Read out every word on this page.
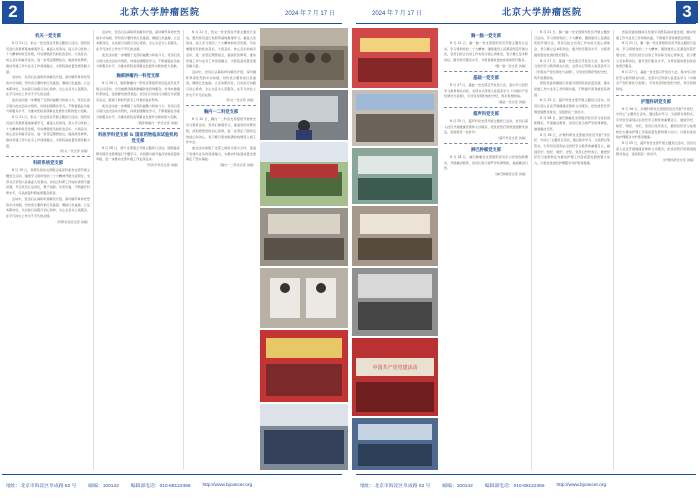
2	北京大学肿瘤医院	2024 年 7 月 17 日	2024 年 7 月 17 日	北京大学肿瘤医院	3
机关一党支部

6 月 21 日，机关一党支部在开展主题党日活动，组织党员赴红色教育基地参观学习，重温入党誓词，深入学习党的二十大精神和党章党规，切实增强党员的政治意识、大局意识、核心意识和看齐意识，进一步坚定理想信念，提高党性修养，推动党建工作与业务工作深度融合，为医院高质量发展贡献力量。

活动中，党员们认真聆听讲解员介绍，深切缅怀革命先烈的丰功伟绩，纷纷表示要传承红色基因，赓续红色血脉，立足本职岗位，以实际行动践行初心使命，全心全意为人民服务，在平凡岗位上作出不平凡的业绩。

此次活动进一步增强了支部的凝聚力和战斗力，党员们表示将以此次活动为契机，持续加强理论学习，不断提高业务能力和服务水平，为推动医院各项事业发展作出新的更大贡献。

6 月 21 日，机关一党支部在开展主题党日活动，组织党员赴红色教育基地参观学习，重温入党誓词，深入学习党的二十大精神和党章党规，切实增强党员的政治意识、大局意识、核心意识和看齐意识，进一步坚定理想信念，提高党性修养，推动党建工作与业务工作深度融合，为医院高质量发展贡献力量。

（机关一党支部 供稿）
科研系统党支部

6 月 19 日，科研系统党支部联合临床科室党支部开展主题党日活动，围绕学习贯彻党的二十大精神开展交流研讨，支部书记带领大家重温入党誓词，并结合科研工作实际讲授专题党课，号召党员立足岗位，勇于创新，攻坚克难，不断提升科研水平，以高质量科研成果服务患者。

活动中，党员们认真聆听讲解员介绍，深切缅怀革命先烈的丰功伟绩，纷纷表示要传承红色基因，赓续红色血脉，立足本职岗位，以实际行动践行初心使命，全心全意为人民服务，在平凡岗位上作出不平凡的业绩。

（科研系统党支部 供稿）

活动中，党员们认真聆听讲解员介绍，深切缅怀革命先烈的丰功伟绩，纷纷表示要传承红色基因，赓续红色血脉，立足本职岗位，以实际行动践行初心使命，全心全意为人民服务，在平凡岗位上作出不平凡的业绩。

此次活动进一步增强了支部的凝聚力和战斗力，党员们表示将以此次活动为契机，持续加强理论学习，不断提高业务能力和服务水平，为推动医院各项事业发展作出新的更大贡献。

胸部肿瘤内一科党支部

6 月 26 日，胸部肿瘤内一科党支部组织党员赴延庆区开展义诊活动，为当地群众提供肿瘤防治咨询服务，并举办健康科普讲座，受到群众热烈欢迎。党员们以实际行动践行为民服务宗旨，展现了新时代医务工作者的良好形象。

此次活动进一步增强了支部的凝聚力和战斗力，党员们表示将以此次活动为契机，持续加强理论学习，不断提高业务能力和服务水平，为推动医院各项事业发展作出新的更大贡献。

（胸部肿瘤内一科党支部 供稿）
科医学科党支部 & 国家药物临床试验机构党支部

6 月 28 日，两个支部联合开展主题党日活动，围绕临床研究规范化管理进行专题学习，共同探讨提升临床试验质量的举措，进一步推动支部共建工作走深走实。

（科医学科党支部 供稿）

6 月 21 日，机关一党支部在开展主题党日活动，组织党员赴红色教育基地参观学习，重温入党誓词，深入学习党的二十大精神和党章党规，切实增强党员的政治意识、大局意识、核心意识和看齐意识，进一步坚定理想信念，提高党性修养，推动党建工作与业务工作深度融合，为医院高质量发展贡献力量。

活动中，党员们认真聆听讲解员介绍，深切缅怀革命先烈的丰功伟绩，纷纷表示要传承红色基因，赓续红色血脉，立足本职岗位，以实际行动践行初心使命，全心全意为人民服务，在平凡岗位上作出不平凡的业绩。

（机关一党支部 供稿）
胸内一二科党支部

6 月 20 日，胸内一二科党支部组织开展党史学习教育活动，党员们参观学习，重温党的光辉历程，深刻感悟党的初心使命，进一步坚定了跟党走的信心和决心，表示要以更加饱满的热情投入到工作中去。

此次活动加强了支部之间的交流与合作，促进了党建与业务的深度融合，为推动科室高质量发展奠定了坚实基础。

（胸内一二科党支部 供稿）
中国共产党党建活动
胸一脑一党支部

6 月 21 日，胸一脑一党支部组织党员开展主题党日活动，学习贯彻党的二十大精神，围绕建设人民满意医院开展讨论，党员们结合自身工作实际交流心得体会，表示要立足本职岗位，提升医疗服务水平，为患者提供更加优质的医疗服务。

（胸一脑一党支部 供稿）
基础一党支部

6 月 27 日，基础一党支部召开党员大会，集中学习党纪学习教育相关内容，支部书记带领大家逐条学习《中国共产党纪律处分条例》，引导党员明纪知纪守纪，筑牢思想防线。

（基础一党支部 供稿）
超声科党支部

6 月 25 日，超声科党支部开展主题党日活动，党员们深入社区开展健康宣教和义诊服务，把优质医疗资源送到群众身边，受到居民一致好评。

（超声科党支部 供稿）
淋巴肿瘤党支部

6 月 28 日，淋巴肿瘤党支部组织党员学习党的创新理论，开展廉洁教育，党员们表示将严守纪律规矩，做到廉洁行医。

（淋巴肿瘤党支部 供稿）

6 月 21 日，胸一脑一党支部组织党员开展主题党日活动，学习贯彻党的二十大精神，围绕建设人民满意医院开展讨论，党员们结合自身工作实际交流心得体会，表示要立足本职岗位，提升医疗服务水平，为患者提供更加优质的医疗服务。

6 月 27 日，基础一党支部召开党员大会，集中学习党纪学习教育相关内容，支部书记带领大家逐条学习《中国共产党纪律处分条例》，引导党员明纪知纪守纪，筑牢思想防线。

医院党委将继续以党建引领医院高质量发展，推动党建工作与业务工作同频共振，不断提升患者就医获得感。

6 月 25 日，超声科党支部开展主题党日活动，党员们深入社区开展健康宣教和义诊服务，把优质医疗资源送到群众身边，受到居民一致好评。

6 月 28 日，淋巴肿瘤党支部组织党员学习党的创新理论，开展廉洁教育，党员们表示将严守纪律规矩，做到廉洁行医。

6 月 26 日，护理科研党支部组织党员开展“学党纪、守初心”主题党日活动，通过集中学习、交流研讨等形式，引导党员深刻认识党纪学习教育的重要意义，做到学纪、知纪、明纪、守纪。党员们纷纷表示，要把党纪学习成果转化为推动护理工作高质量发展的强大动力，以更加优质的护理服务守护患者健康。

医院党委将继续以党建引领医院高质量发展，推动党建工作与业务工作同频共振，不断提升患者就医获得感。

6 月 21 日，胸一脑一党支部组织党员开展主题党日活动，学习贯彻党的二十大精神，围绕建设人民满意医院开展讨论，党员们结合自身工作实际交流心得体会，表示要立足本职岗位，提升医疗服务水平，为患者提供更加优质的医疗服务。

6 月 27 日，基础一党支部召开党员大会，集中学习党纪学习教育相关内容，支部书记带领大家逐条学习《中国共产党纪律处分条例》，引导党员明纪知纪守纪，筑牢思想防线。

护理科研党支部

6 月 26 日，护理科研党支部组织党员开展“学党纪、守初心”主题党日活动，通过集中学习、交流研讨等形式，引导党员深刻认识党纪学习教育的重要意义，做到学纪、知纪、明纪、守纪。党员们纷纷表示，要把党纪学习成果转化为推动护理工作高质量发展的强大动力，以更加优质的护理服务守护患者健康。

6 月 25 日，超声科党支部开展主题党日活动，党员们深入社区开展健康宣教和义诊服务，把优质医疗资源送到群众身边，受到居民一致好评。

（护理科研党支部 供稿）
地址：北京市海淀区阜成路 52 号	邮编：100142	编辑部电话：010-88122456	http://www.bjcancer.org	地址：北京市海淀区阜成路 52 号	邮编：100142	编辑部电话：010-88122456	http://www.bjcancer.org
